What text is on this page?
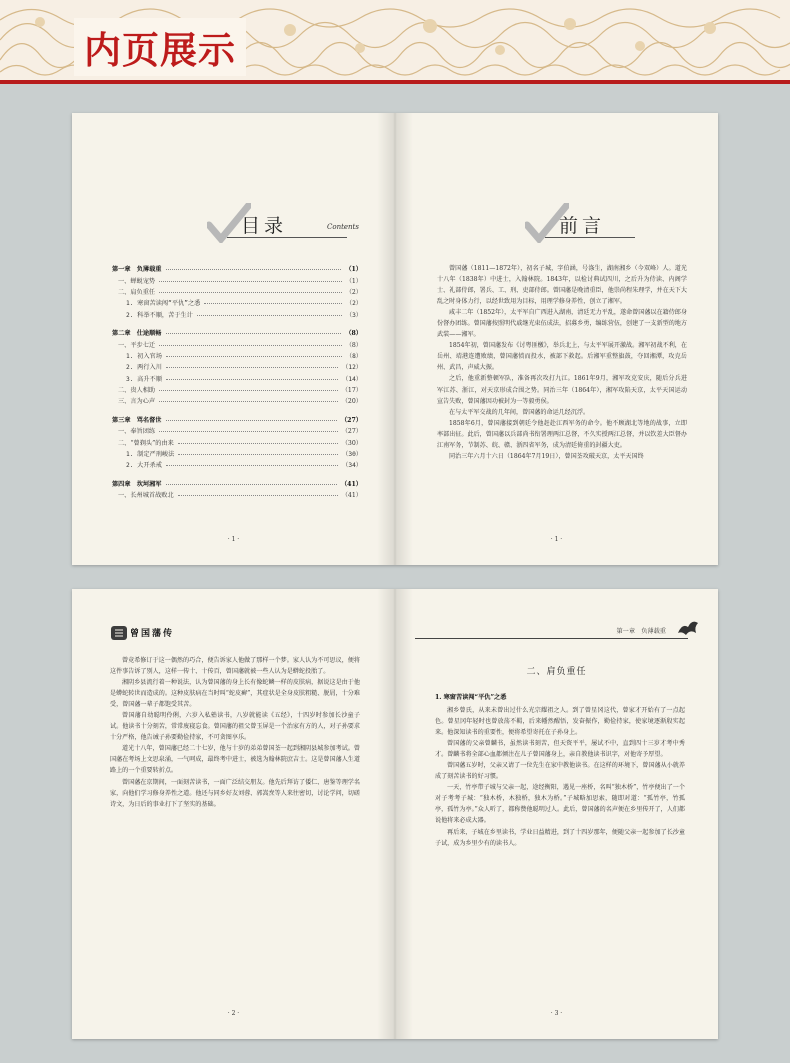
内页展示
目录	Contents
第一章　负薄载重	（1）
一、蝉蜕宠势	（1）
二、肩负重任	（2）
1. 寒窗苦读闯“平仇”之悉	（2）
2. 科举不顺，苦于生计	（3）
第二章　仕途顺畅	（8）
一、平步七迁	（8）
1. 初入官场	（8）
2. 两行入川	（12）
3. 高升不顺	（14）
二、贵人相助	（17）
三、言为心声	（20）
第三章　骂名督世	（27）
一、奉旨团练	（27）
二、“曾剃头”的由来	（30）
1. 制定严刑峻法	（30）
2. 大开杀戒	（34）
第四章　坎坷湘军	（41）
一、长州城首战败北	（41）
· 1 ·
前言

曾国藩（1811—1872年），初名子城，字伯涵，号涤生，湖南湘乡（今双峰）人。道光十八年（1838年）中进士，入翰林院。1843年，以检讨典试四川，之后升为侍读、内阁学士、礼部侍郎，署兵、工、刑、吏部侍郎。曾国藩是晚清重臣，他崇尚程朱理学，并在天下大乱之时身体力行，以经世致用为目标，用理学修身养性，创立了湘军。

咸丰二年（1852年），太平军自广西进入湖南，清廷无力平乱，遂命曾国藩以在籍侍郎身份督办团练。曾国藩按照明代戚继光束伍成法，招募乡勇，编练营伍，创建了一支新型的地方武装——湘军。

1854年初，曾国藩发布《讨粤匪檄》，举兵北上，与太平军展开激战。湘军初战不利，在岳州、靖港连遭败绩，曾国藩愤而投水，被部下救起。后湘军重整旗鼓，夺回湘潭，攻克岳州、武昌，声威大振。

之后，他重新整顿军队，准备再次攻打九江。1861年9月，湘军攻克安庆，随后分兵进军江苏、浙江，对天京形成合围之势。同治三年（1864年），湘军攻陷天京，太平天国运动宣告失败，曾国藩因功被封为一等毅勇侯。

在与太平军交战的几年间，曾国藩的命运几经沉浮。

1858年6月，曾国藩接到朝廷令他赶赴江西军务的命令。他不顾湖北等地的战事，立即率部出征。此后，曾国藩以兵部尚书衔署理两江总督，不久实授两江总督，并以钦差大臣督办江南军务，节制苏、皖、赣、浙四省军务，成为清廷倚重的封疆大吏。

同治三年六月十六日（1864年7月19日），曾国荃攻破天京，太平天国终

· 1 ·
曾国藩传

曾竟希修订于这一偶然的巧合，便告诉家人他做了那样一个梦。家人认为不可思议，便将这件事告诉了别人，这样一传十、十传百，曾国藩就被一些人认为是蟒蛇投胎了。

湘阴乡县流行着一种说法，认为曾国藩的身上长有像蛇鳞一样的皮肤病，据说这是由于他是蟒蛇转世而造成的。这种皮肤病在当时叫“蛇皮癣”，其症状是全身皮肤粗糙、脱屑，十分难受，曾国藩一辈子都饱受其苦。

曾国藩自幼聪明伶俐，六岁入私塾读书，八岁就能读《五经》，十四岁时参加长沙童子试。他读书十分刻苦，常常废寝忘食。曾国藩的祖父曾玉屏是一个治家有方的人，对子孙要求十分严格，他告诫子孙要勤俭持家，不可贪图享乐。

道光十八年，曾国藩已经二十七岁，他与十岁的弟弟曾国荃一起到湘阴县城参加考试。曾国藩在考场上文思泉涌，一气呵成，最终考中进士，被选为翰林院庶吉士。这是曾国藩人生道路上的一个重要转折点。

曾国藩在京期间，一面刻苦读书，一面广泛结交朋友。他先后拜访了倭仁、唐鉴等理学名家，向他们学习修身养性之道。他还与同乡好友刘蓉、郭嵩焘等人来往密切，讨论学问，切磋诗文，为日后的事业打下了坚实的基础。

· 2 ·
第一章　负薄载重
二、肩负重任
1. 寒窗苦读闯“平仇”之悉

湘乡曾氏，从来未曾出过什么光宗耀祖之人。到了曾星冈这代，曾家才开始有了一点起色。曾星冈年轻时也曾放荡不羁，后来幡然醒悟，发奋振作，勤俭持家，使家境逐渐殷实起来。他深知读书的重要性，便将希望寄托在子孙身上。

曾国藩的父亲曾麟书，虽然读书刻苦，但天资平平，屡试不中，直到四十三岁才考中秀才。曾麟书将全部心血都倾注在儿子曾国藩身上，亲自教他读书识字，对他寄予厚望。

曾国藩五岁时，父亲又请了一位先生在家中教他读书。在这样的环境下，曾国藩从小就养成了刻苦读书的好习惯。

一天，竹亭带子城与父亲一起，途经衡阳，遇见一座桥，名叫“独木桥”，竹亭便出了一个对子考考子城：“独木桥，木独桥，独木为桥。”子城略加思索，随即对道：“孤竹亭，竹孤亭，孤竹为亭。”众人听了，都称赞他聪明过人。此后，曾国藩的名声便在乡里传开了，人们都说他将来必成大器。

再后来，子城在乡里读书，学业日益精进，到了十四岁那年，便随父亲一起参加了长沙童子试，成为乡里少有的读书人。

· 3 ·
